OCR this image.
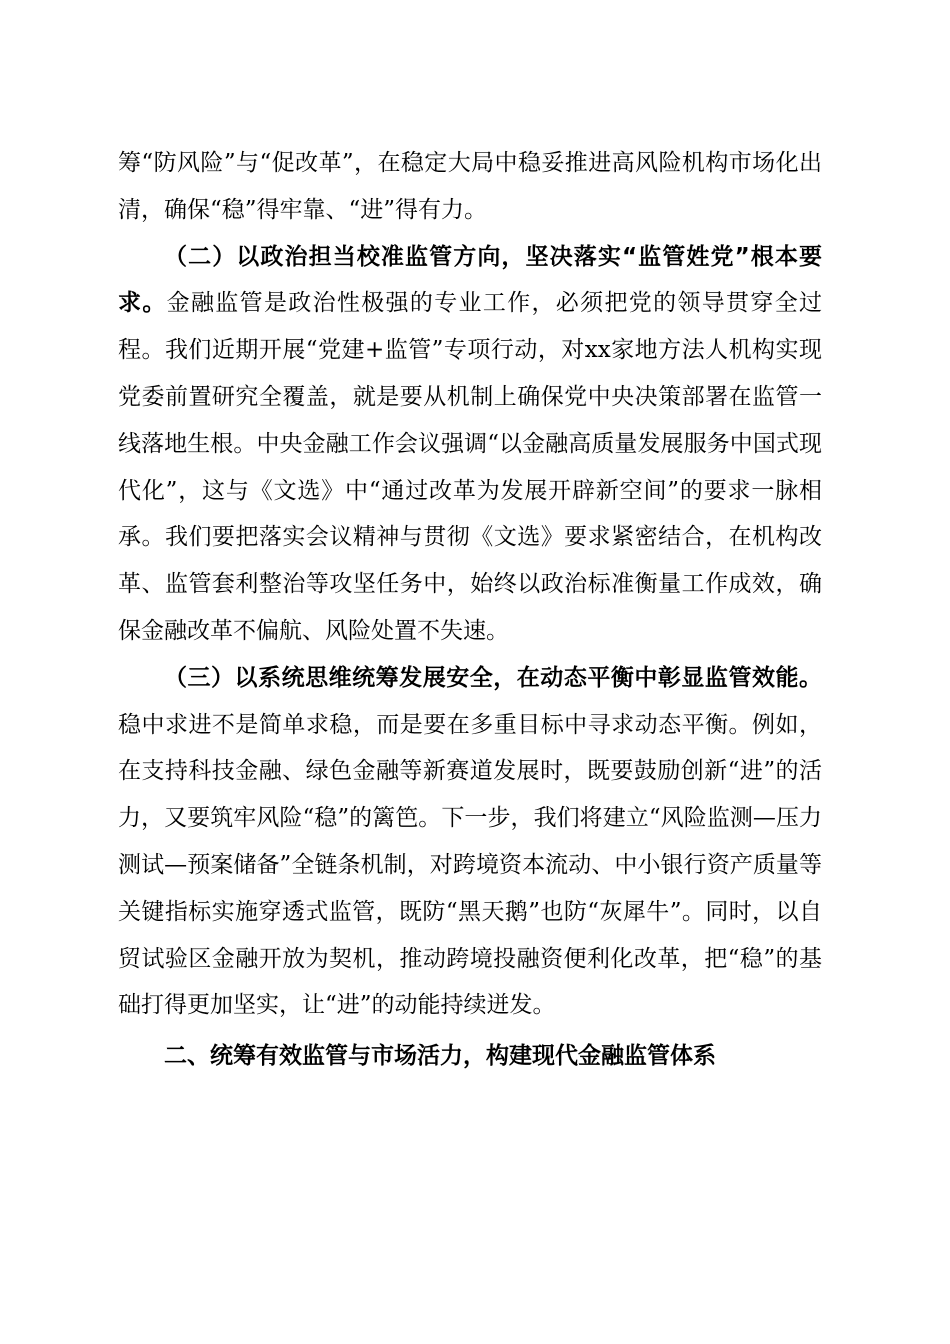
筹“防风险”与“促改革”，在稳定大局中稳妥推进高风险机构市场化出清，确保“稳”得牢靠、“进”得有力。

（二）以政治担当校准监管方向，坚决落实“监管姓党”根本要求。金融监管是政治性极强的专业工作，必须把党的领导贯穿全过程。我们近期开展“党建+监管”专项行动，对xx家地方法人机构实现党委前置研究全覆盖，就是要从机制上确保党中央决策部署在监管一线落地生根。中央金融工作会议强调“以金融高质量发展服务中国式现代化”，这与《文选》中“通过改革为发展开辟新空间”的要求一脉相承。我们要把落实会议精神与贯彻《文选》要求紧密结合，在机构改革、监管套利整治等攻坚任务中，始终以政治标准衡量工作成效，确保金融改革不偏航、风险处置不失速。

（三）以系统思维统筹发展安全，在动态平衡中彰显监管效能。稳中求进不是简单求稳，而是要在多重目标中寻求动态平衡。例如，在支持科技金融、绿色金融等新赛道发展时，既要鼓励创新“进”的活力，又要筑牢风险“稳”的篱笆。下一步，我们将建立“风险监测—压力测试—预案储备”全链条机制，对跨境资本流动、中小银行资产质量等关键指标实施穿透式监管，既防“黑天鹅”也防“灰犀牛”。同时，以自贸试验区金融开放为契机，推动跨境投融资便利化改革，把“稳”的基础打得更加坚实，让“进”的动能持续迸发。

二、统筹有效监管与市场活力，构建现代金融监管体系
